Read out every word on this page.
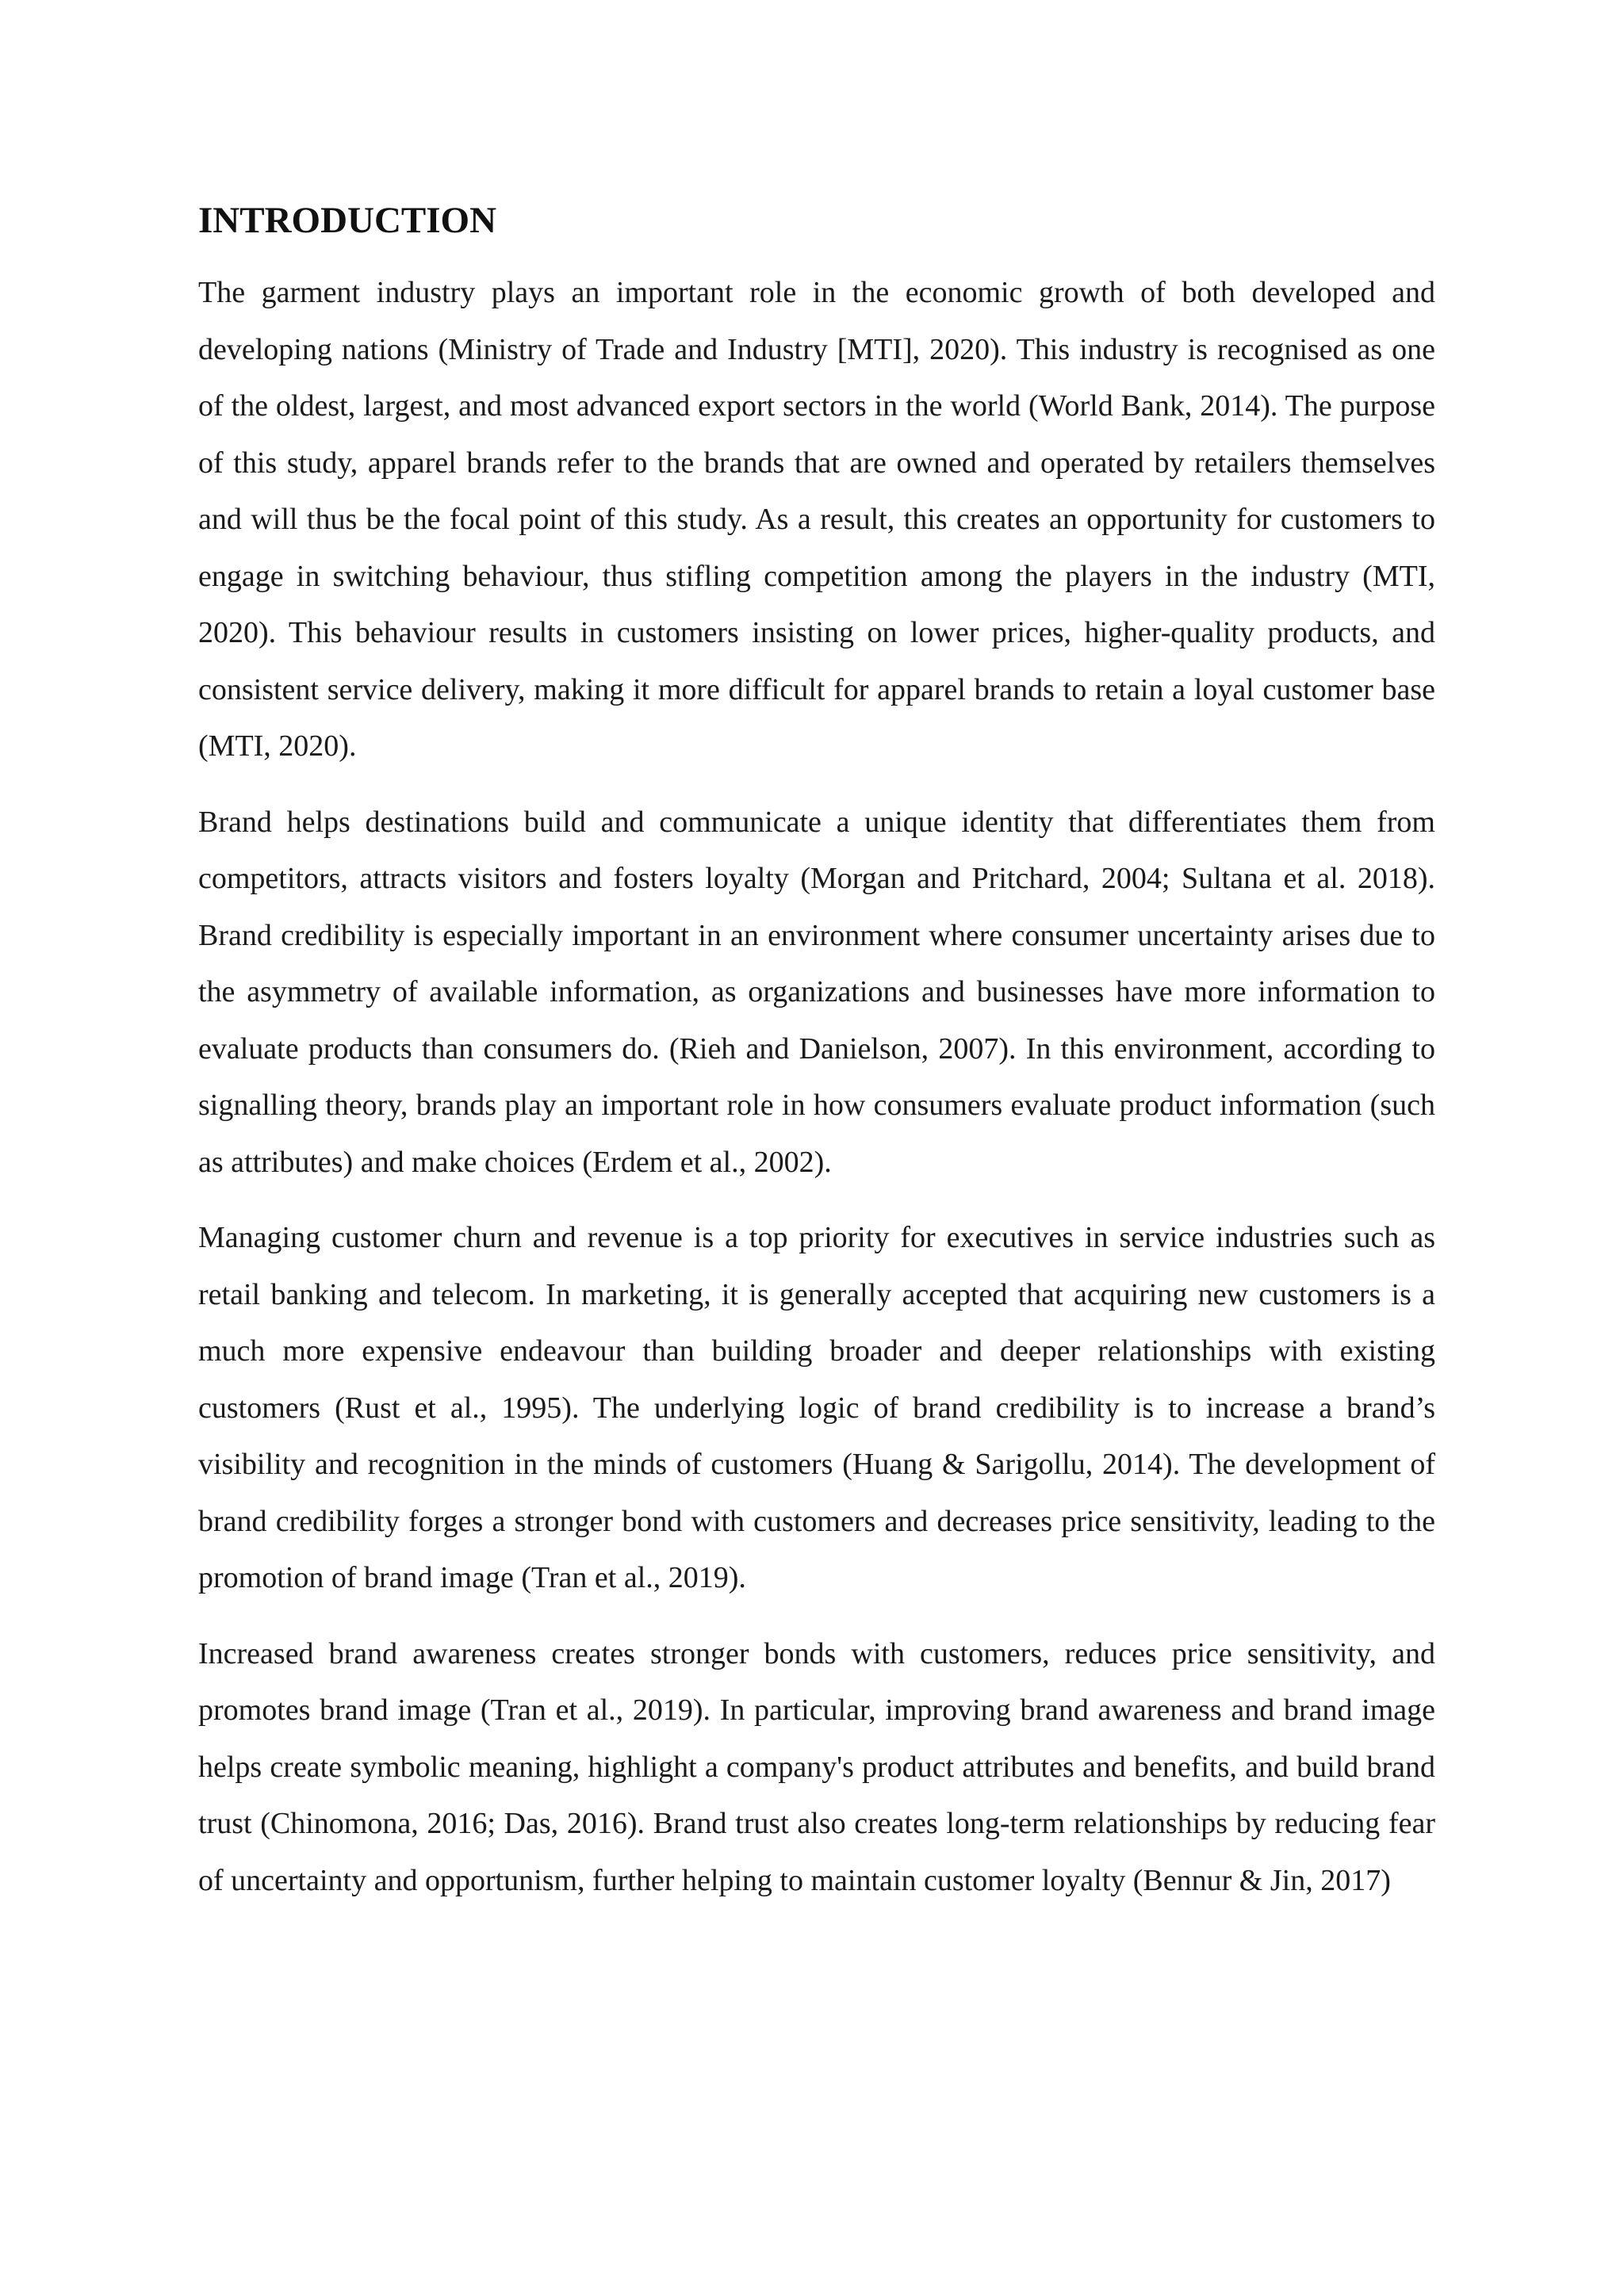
INTRODUCTION

The garment industry plays an important role in the economic growth of both developed and developing nations (Ministry of Trade and Industry [MTI], 2020). This industry is recognised as one of the oldest, largest, and most advanced export sectors in the world (World Bank, 2014). The purpose of this study, apparel brands refer to the brands that are owned and operated by retailers themselves and will thus be the focal point of this study. As a result, this creates an opportunity for customers to engage in switching behaviour, thus stifling competition among the players in the industry (MTI, 2020). This behaviour results in customers insisting on lower prices, higher-quality products, and consistent service delivery, making it more difficult for apparel brands to retain a loyal customer base (MTI, 2020).

Brand helps destinations build and communicate a unique identity that differentiates them from competitors, attracts visitors and fosters loyalty (Morgan and Pritchard, 2004; Sultana et al. 2018). Brand credibility is especially important in an environment where consumer uncertainty arises due to the asymmetry of available information, as organizations and businesses have more information to evaluate products than consumers do. (Rieh and Danielson, 2007). In this environment, according to signalling theory, brands play an important role in how consumers evaluate product information (such as attributes) and make choices (Erdem et al., 2002).

Managing customer churn and revenue is a top priority for executives in service industries such as retail banking and telecom. In marketing, it is generally accepted that acquiring new customers is a much more expensive endeavour than building broader and deeper relationships with existing customers (Rust et al., 1995). The underlying logic of brand credibility is to increase a brand’s visibility and recognition in the minds of customers (Huang & Sarigollu, 2014). The development of brand credibility forges a stronger bond with customers and decreases price sensitivity, leading to the promotion of brand image (Tran et al., 2019).

Increased brand awareness creates stronger bonds with customers, reduces price sensitivity, and promotes brand image (Tran et al., 2019). In particular, improving brand awareness and brand image helps create symbolic meaning, highlight a company's product attributes and benefits, and build brand trust (Chinomona, 2016; Das, 2016). Brand trust also creates long-term relationships by reducing fear of uncertainty and opportunism, further helping to maintain customer loyalty (Bennur & Jin, 2017)
